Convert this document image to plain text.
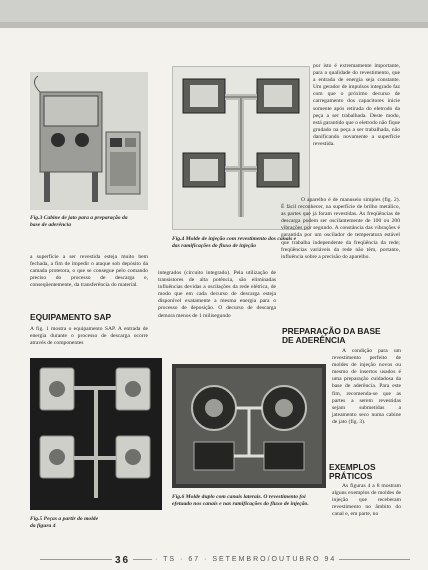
Fig.3 Cabine de jato para a preparação da base de aderência

Fig.4 Molde de injeção com revestimento dos canais e das ramificações do fluxo de injeção

a superfície a ser revestida esteja muito bem fechada, a fim de impedir o ataque sob depósito da camada protetora, o que se consegue pelo comando preciso do processo de descarga e, conseqüentemente, da transferência do material.

EQUIPAMENTO SAP

A fig. 1 mostra o equipamento SAP. A entrada de energia durante o processo de descarga ocorre através de componentes

integrados (circuito integrado). Pela utilização de transistores de alta potência, são eliminadas influências devidas a oscilações da rede elétrica, de modo que em cada decurso de descarga esteja disponível exatamente a mesma energia para o processo de deposição. O decurso de descarga demora menos de 1 milisegundo

por isto é extremamente importante, para a qualidade do revestimento, que a entrada de energia seja constante. Um gerador de impulsos integrado faz com que o próximo decurso de carregamento dos capacitores inicie somente após retirada do eletrodo da peça a ser trabalhada. Deste modo, está garantido que o eletrodo não fique grudado na peça a ser trabalhada, não danificando novamente a superfície revestida.

O aparelho é de manuseio simples (fig. 2). É fácil reconhecer, na superfície de brilho metálico, as partes que já foram revestidas. As freqüências de descarga podem ser oscilantemente de 100 ou 200 vibrações por segundo. A constância das vibrações é garantida por um oscilador de temperatura estável que trabalha independente da freqüência da rede; freqüências variáveis da rede não têm, portanto, influência sobre a precisão do aparelho.

PREPARAÇÃO DA BASE DE ADERÊNCIA

A condição para um revestimento perfeito de moldes de injeção novos ou mesmo de insertos usados é uma preparação cuidadosa da base de aderência. Para este fim, recomenda-se que as partes a serem revestidas sejam submetidas a jateamento seco numa cabine de jato (fig. 3).

EXEMPLOS PRÁTICOS

As figuras 4 a 8 mostram alguns exemplos de moldes de injeção que receberam revestimento no âmbito do canal e, em parte, no

Fig.5 Peças a partir do molde da figura 4

Fig.6 Molde duplo com canais laterais. O revestimento foi efetuado nos canais e nas ramificações do fluxo de injeção.

36	· TS · 67 · SETEMBRO/OUTUBRO 94
